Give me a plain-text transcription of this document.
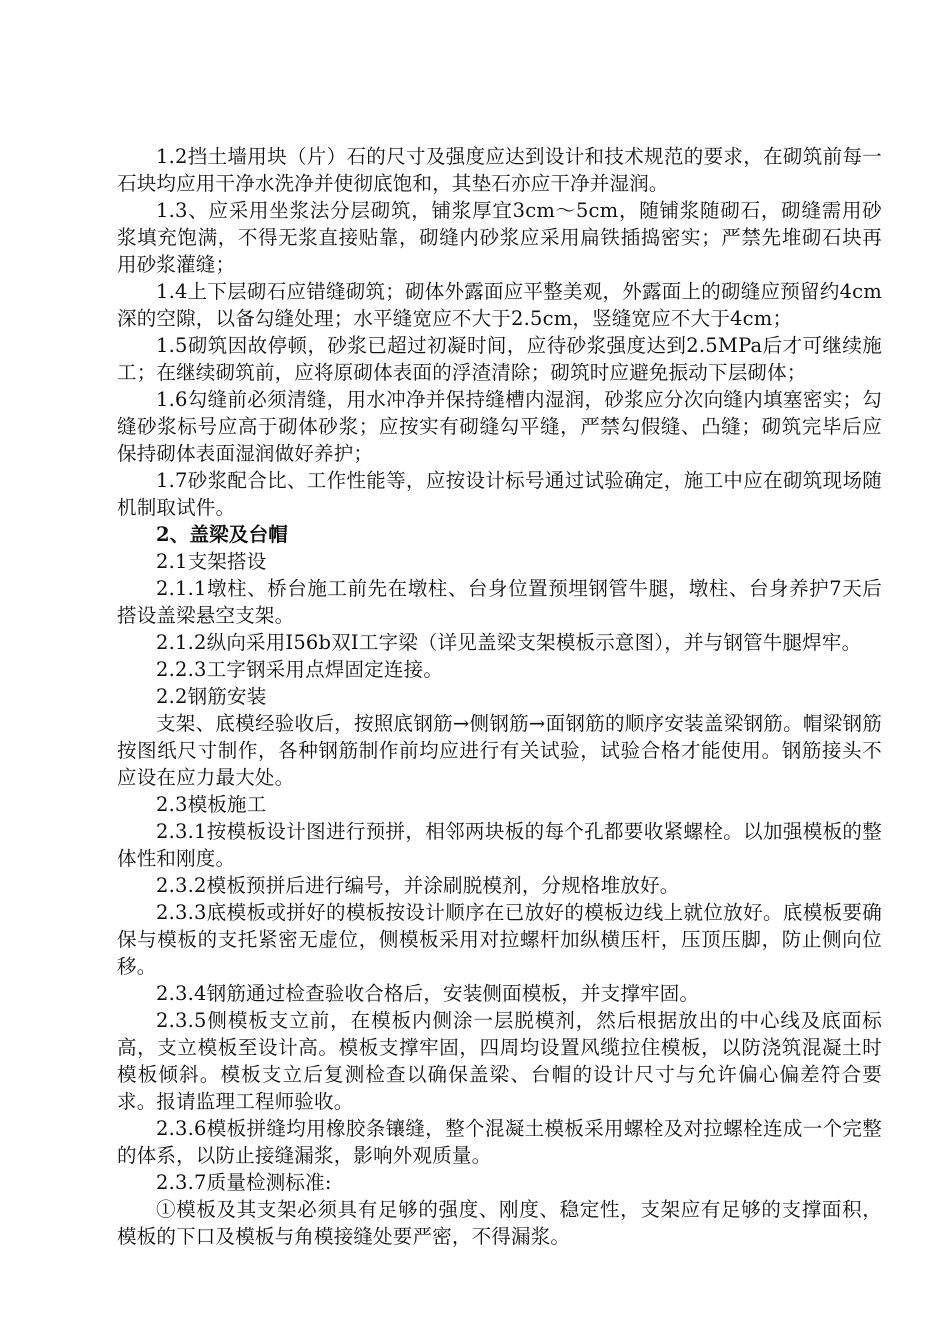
1.2挡土墙用块（片）石的尺寸及强度应达到设计和技术规范的要求，在砌筑前每一石块均应用干净水洗净并使彻底饱和，其垫石亦应干净并湿润。

1.3、应采用坐浆法分层砌筑，铺浆厚宜3cm～5cm，随铺浆随砌石，砌缝需用砂浆填充饱满，不得无浆直接贴靠，砌缝内砂浆应采用扁铁插捣密实；严禁先堆砌石块再用砂浆灌缝；

1.4上下层砌石应错缝砌筑；砌体外露面应平整美观，外露面上的砌缝应预留约4cm深的空隙，以备勾缝处理；水平缝宽应不大于2.5cm，竖缝宽应不大于4cm；

1.5砌筑因故停顿，砂浆已超过初凝时间，应待砂浆强度达到2.5MPa后才可继续施工；在继续砌筑前，应将原砌体表面的浮渣清除；砌筑时应避免振动下层砌体；

1.6勾缝前必须清缝，用水冲净并保持缝槽内湿润，砂浆应分次向缝内填塞密实；勾缝砂浆标号应高于砌体砂浆；应按实有砌缝勾平缝，严禁勾假缝、凸缝；砌筑完毕后应保持砌体表面湿润做好养护；

1.7砂浆配合比、工作性能等，应按设计标号通过试验确定，施工中应在砌筑现场随机制取试件。

2、盖梁及台帽

2.1支架搭设

2.1.1墩柱、桥台施工前先在墩柱、台身位置预埋钢管牛腿，墩柱、台身养护7天后搭设盖梁悬空支架。

2.1.2纵向采用I56b双I工字梁（详见盖梁支架模板示意图），并与钢管牛腿焊牢。

2.2.3工字钢采用点焊固定连接。

2.2钢筋安装

支架、底模经验收后，按照底钢筋→侧钢筋→面钢筋的顺序安装盖梁钢筋。帽梁钢筋按图纸尺寸制作，各种钢筋制作前均应进行有关试验，试验合格才能使用。钢筋接头不应设在应力最大处。

2.3模板施工

2.3.1按模板设计图进行预拼，相邻两块板的每个孔都要收紧螺栓。以加强模板的整体性和刚度。

2.3.2模板预拼后进行编号，并涂刷脱模剂，分规格堆放好。

2.3.3底模板或拼好的模板按设计顺序在已放好的模板边线上就位放好。底模板要确保与模板的支托紧密无虚位，侧模板采用对拉螺杆加纵横压杆，压顶压脚，防止侧向位移。

2.3.4钢筋通过检查验收合格后，安装侧面模板，并支撑牢固。

2.3.5侧模板支立前，在模板内侧涂一层脱模剂，然后根据放出的中心线及底面标高，支立模板至设计高。模板支撑牢固，四周均设置风缆拉住模板，以防浇筑混凝土时模板倾斜。模板支立后复测检查以确保盖梁、台帽的设计尺寸与允许偏心偏差符合要求。报请监理工程师验收。

2.3.6模板拼缝均用橡胶条镶缝，整个混凝土模板采用螺栓及对拉螺栓连成一个完整的体系，以防止接缝漏浆，影响外观质量。

2.3.7质量检测标准:

①模板及其支架必须具有足够的强度、刚度、稳定性，支架应有足够的支撑面积，模板的下口及模板与角模接缝处要严密，不得漏浆。
